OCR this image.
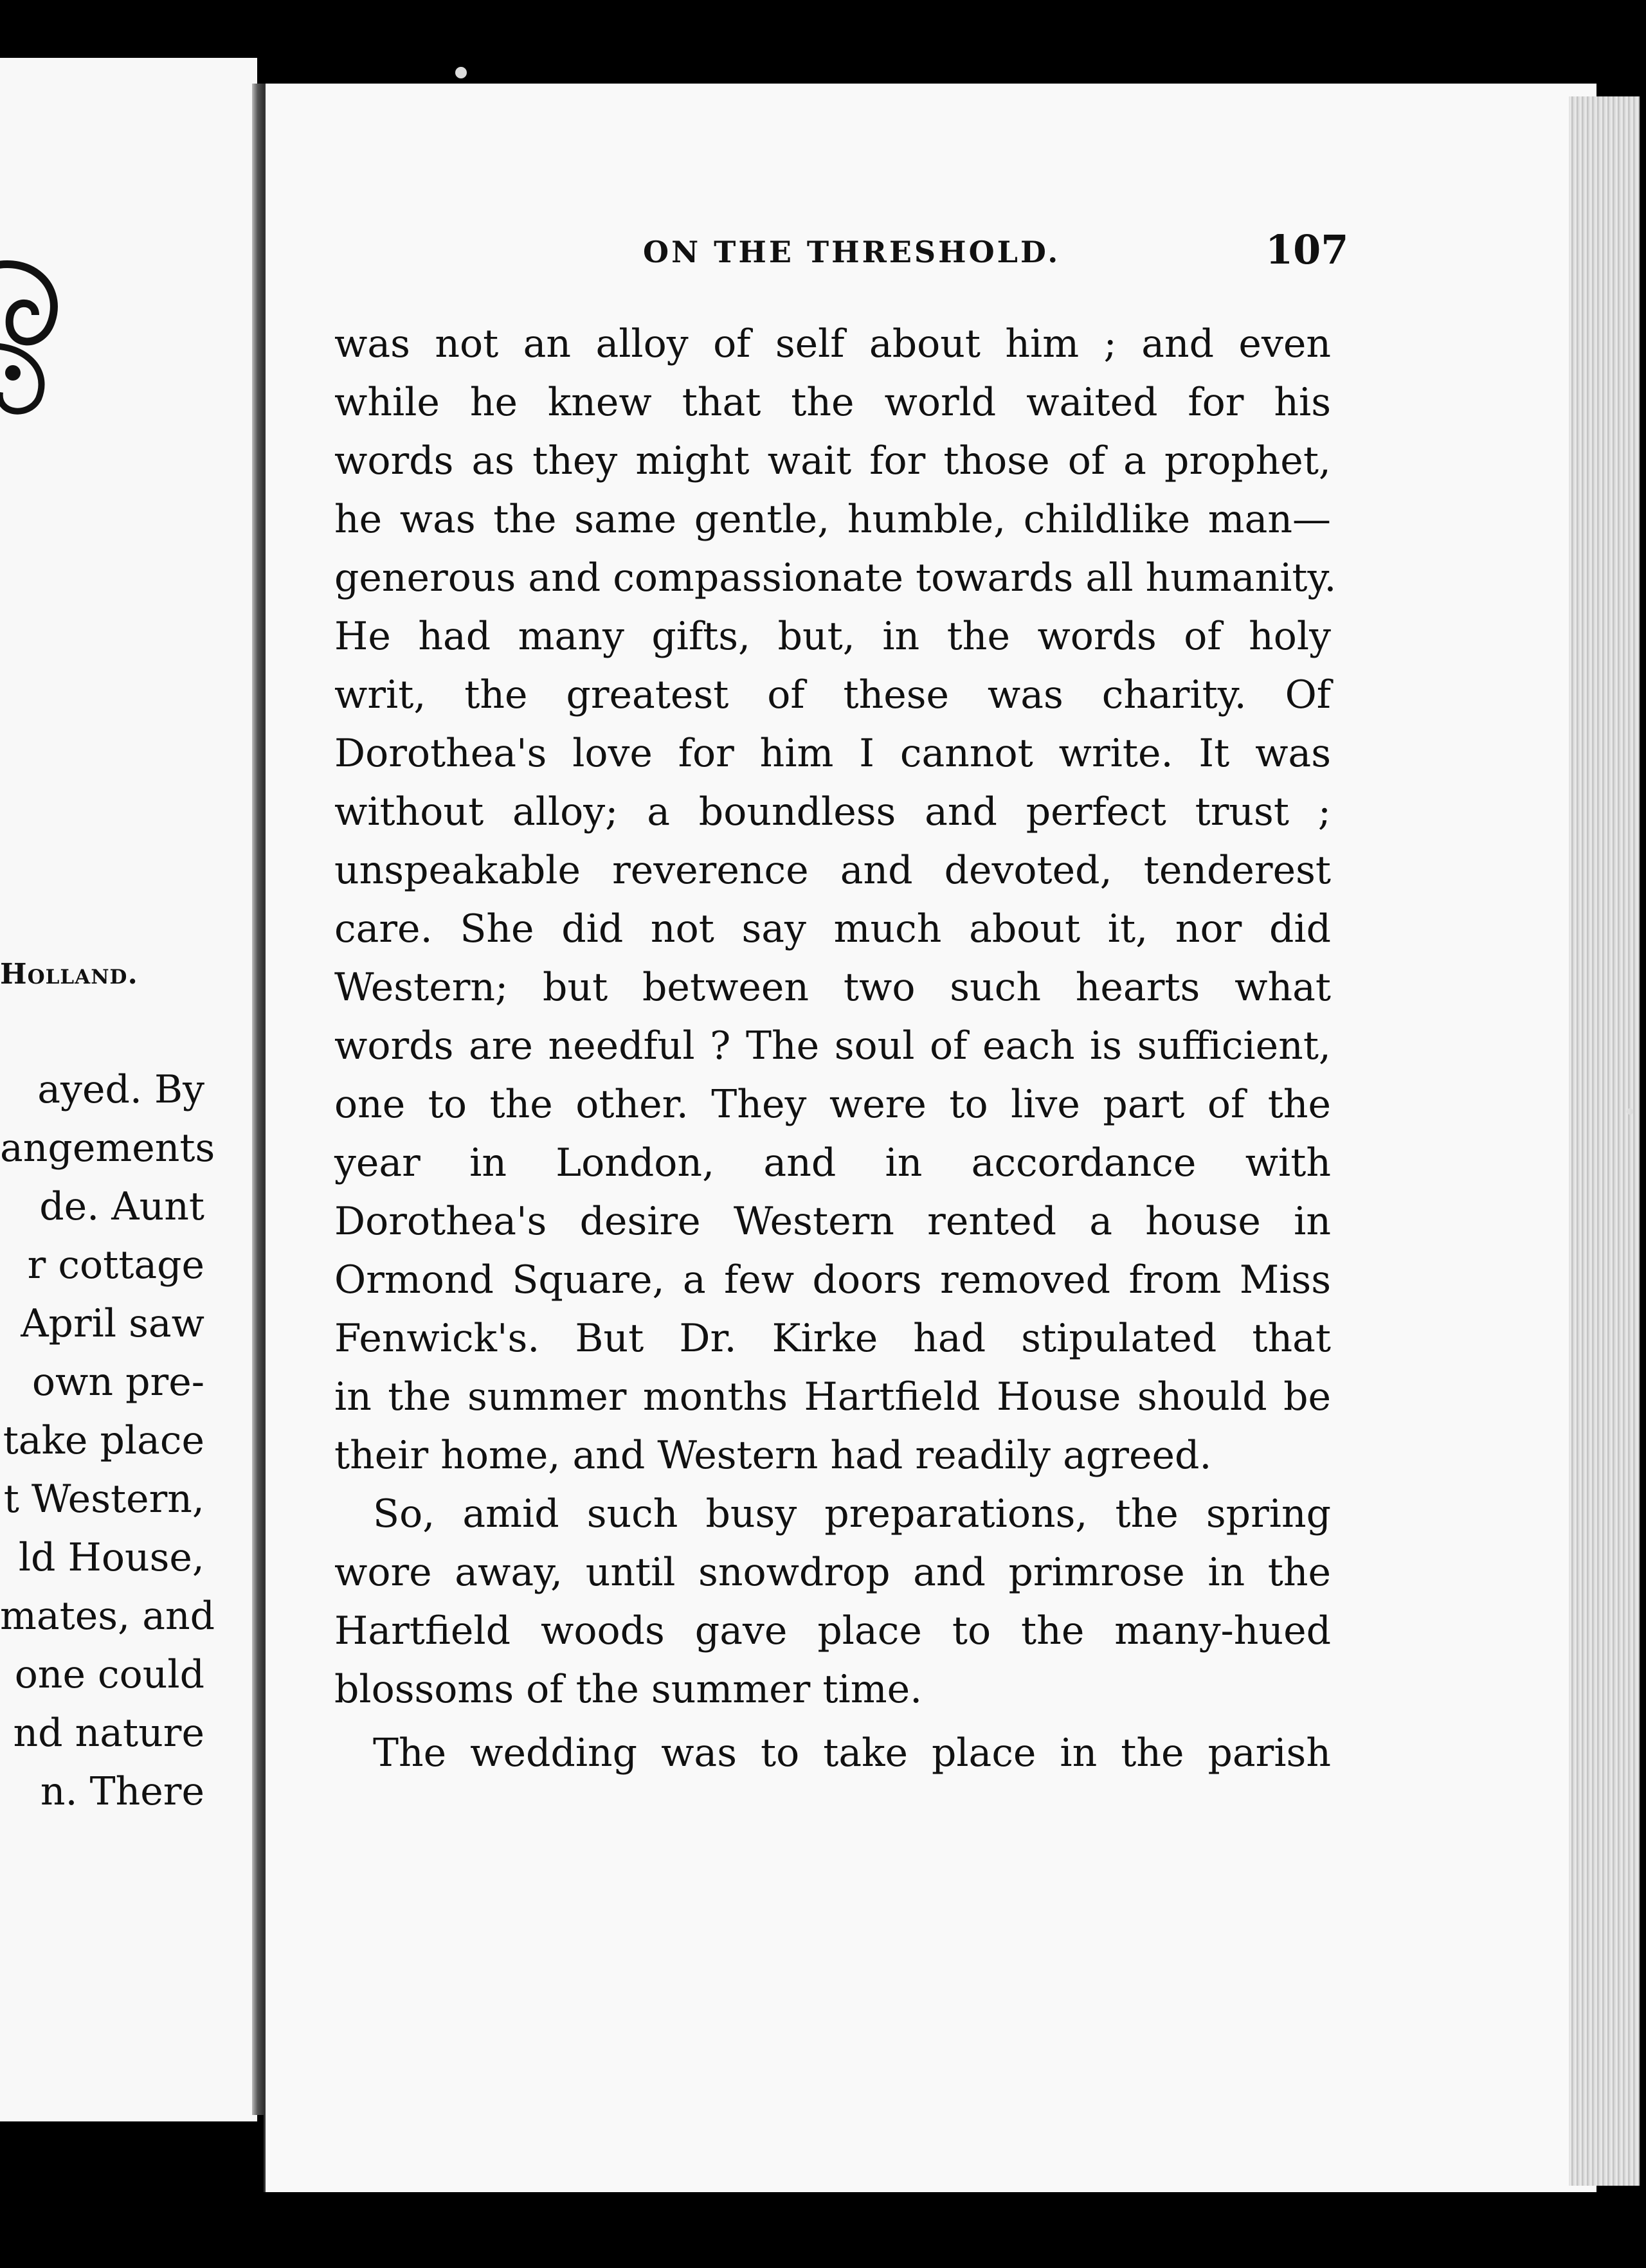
Holland.
ayed. By
angements
de. Aunt
r cottage
April saw
own pre-
take place
t Western,
ld House,
mates, and
one could
nd nature
n. There
ON THE THRESHOLD.	107
was not an alloy of self about him ; and even
while he knew that the world waited for his
words as they might wait for those of a prophet,
he was the same gentle, humble, childlike man—
generous and compassionate towards all humanity.
He had many gifts, but, in the words of holy
writ, the greatest of these was charity. Of
Dorothea's love for him I cannot write. It was
without alloy; a boundless and perfect trust ;
unspeakable reverence and devoted, tenderest
care. She did not say much about it, nor did
Western; but between two such hearts what
words are needful ? The soul of each is sufficient,
one to the other. They were to live part of the
year in London, and in accordance with
Dorothea's desire Western rented a house in
Ormond Square, a few doors removed from Miss
Fenwick's. But Dr. Kirke had stipulated that
in the summer months Hartfield House should be
their home, and Western had readily agreed.
So, amid such busy preparations, the spring
wore away, until snowdrop and primrose in the
Hartfield woods gave place to the many-hued
blossoms of the summer time.
The wedding was to take place in the parish
